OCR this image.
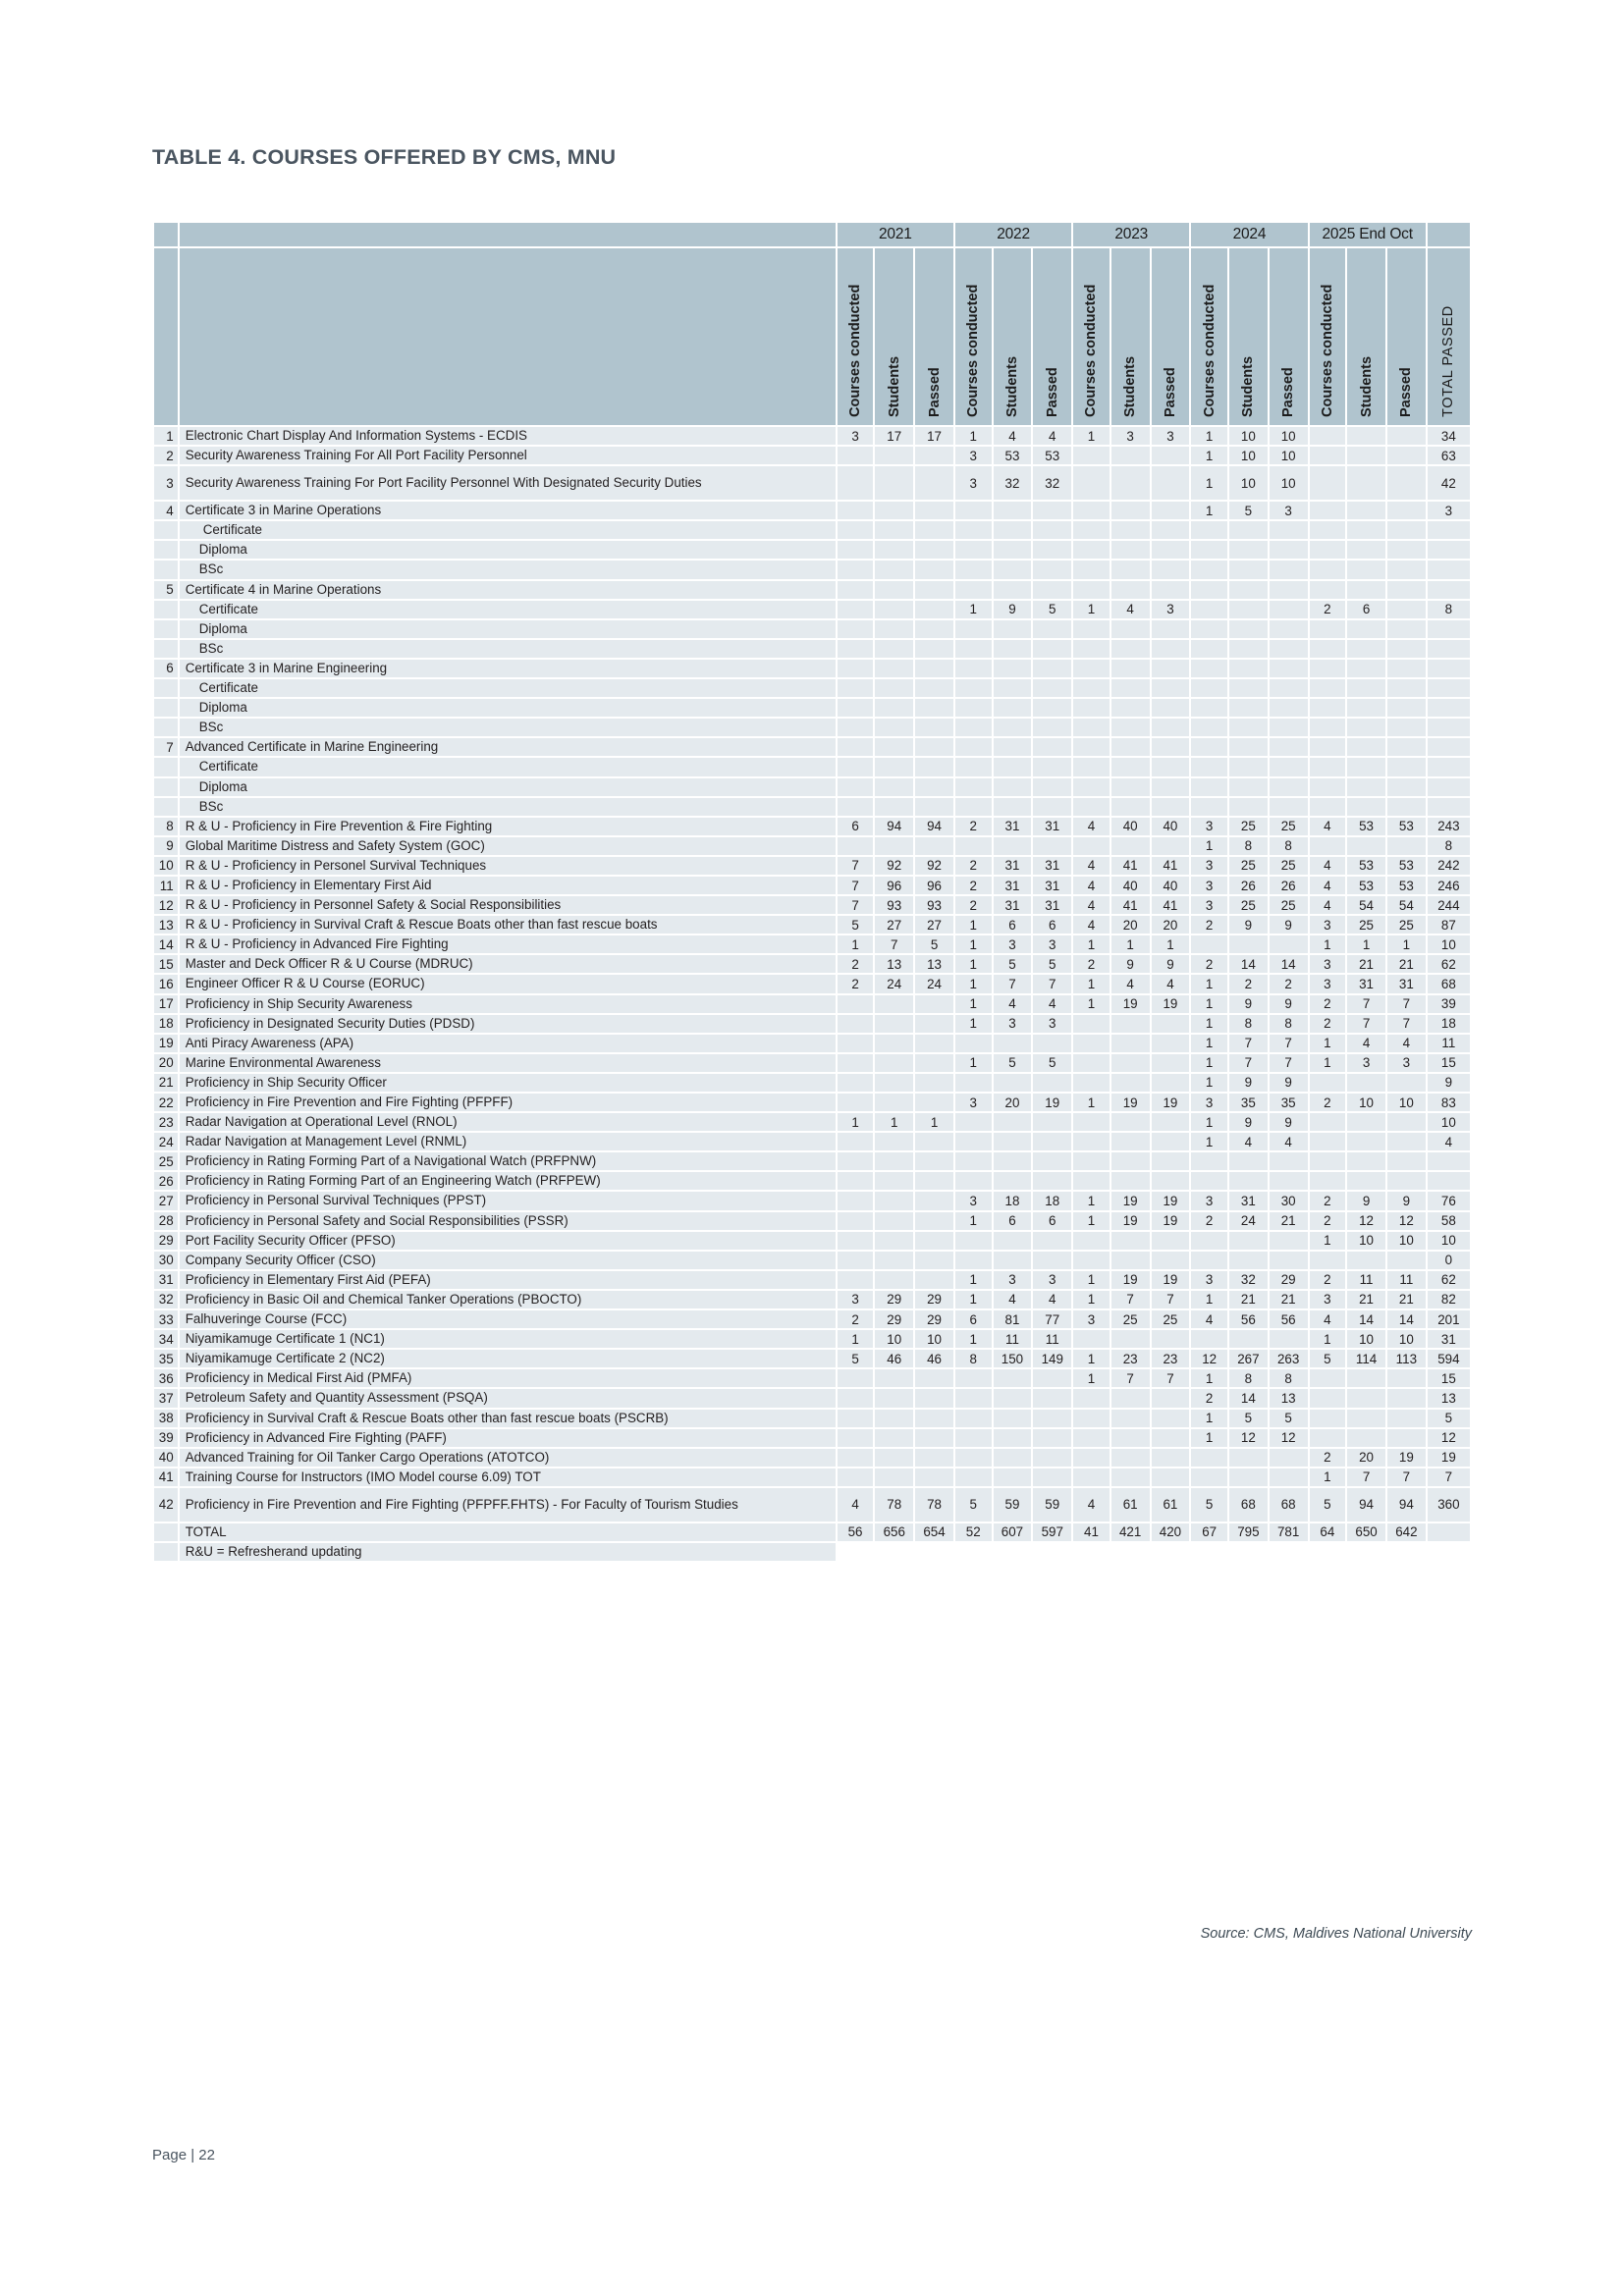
TABLE 4. COURSES OFFERED BY CMS, MNU
		2021			2022			2023			2024			2025 End Oct			

		Courses conducted	Students	Passed	Courses conducted	Students	Passed	Courses conducted	Students	Passed	Courses conducted	Students	Passed	Courses conducted	Students	Passed	TOTAL PASSED

1	Electronic Chart Display And Information Systems - ECDIS	3	17	17	1	4	4	1	3	3	1	10	10				34
2	Security Awareness Training For All Port Facility Personnel				3	53	53				1	10	10				63
3	Security Awareness Training For Port Facility Personnel With Designated Security Duties				3	32	32				1	10	10				42
4	Certificate 3 in Marine Operations										1	5	3				3
	Certificate																
	Diploma																
	BSc																
5	Certificate 4 in Marine Operations																
	Certificate				1	9	5	1	4	3				2	6		8
	Diploma																
	BSc																
6	Certificate 3 in Marine Engineering																
	Certificate																
	Diploma																
	BSc																
7	Advanced Certificate in Marine Engineering																
	Certificate																
	Diploma																
	BSc																
8	R & U - Proficiency in Fire Prevention & Fire Fighting	6	94	94	2	31	31	4	40	40	3	25	25	4	53	53	243
9	Global Maritime Distress and Safety System (GOC)										1	8	8				8
10	R & U - Proficiency in Personel Survival Techniques	7	92	92	2	31	31	4	41	41	3	25	25	4	53	53	242
11	R & U - Proficiency in Elementary First Aid	7	96	96	2	31	31	4	40	40	3	26	26	4	53	53	246
12	R & U - Proficiency in Personnel Safety & Social Responsibilities	7	93	93	2	31	31	4	41	41	3	25	25	4	54	54	244
13	R & U - Proficiency in Survival Craft & Rescue Boats other than fast rescue boats	5	27	27	1	6	6	4	20	20	2	9	9	3	25	25	87
14	R & U - Proficiency in Advanced Fire Fighting	1	7	5	1	3	3	1	1	1				1	1	1	10
15	Master and Deck Officer R & U Course (MDRUC)	2	13	13	1	5	5	2	9	9	2	14	14	3	21	21	62
16	Engineer Officer R & U Course (EORUC)	2	24	24	1	7	7	1	4	4	1	2	2	3	31	31	68
17	Proficiency in Ship Security Awareness				1	4	4	1	19	19	1	9	9	2	7	7	39
18	Proficiency in Designated Security Duties (PDSD)				1	3	3				1	8	8	2	7	7	18
19	Anti Piracy Awareness (APA)										1	7	7	1	4	4	11
20	Marine Environmental Awareness				1	5	5				1	7	7	1	3	3	15
21	Proficiency in Ship Security Officer										1	9	9				9
22	Proficiency in Fire Prevention and Fire Fighting (PFPFF)				3	20	19	1	19	19	3	35	35	2	10	10	83
23	Radar Navigation at Operational Level (RNOL)	1	1	1							1	9	9				10
24	Radar Navigation at Management Level (RNML)										1	4	4				4
25	Proficiency in Rating Forming Part of a Navigational Watch (PRFPNW)																
26	Proficiency in Rating Forming Part of an Engineering Watch (PRFPEW)																
27	Proficiency in Personal Survival Techniques (PPST)				3	18	18	1	19	19	3	31	30	2	9	9	76
28	Proficiency in Personal Safety and Social Responsibilities (PSSR)				1	6	6	1	19	19	2	24	21	2	12	12	58
29	Port Facility Security Officer (PFSO)													1	10	10	10
30	Company Security Officer (CSO)																0
31	Proficiency in Elementary First Aid (PEFA)				1	3	3	1	19	19	3	32	29	2	11	11	62
32	Proficiency in Basic Oil and Chemical Tanker Operations (PBOCTO)	3	29	29	1	4	4	1	7	7	1	21	21	3	21	21	82
33	Falhuveringe Course (FCC)	2	29	29	6	81	77	3	25	25	4	56	56	4	14	14	201
34	Niyamikamuge Certificate 1 (NC1)	1	10	10	1	11	11							1	10	10	31
35	Niyamikamuge Certificate 2 (NC2)	5	46	46	8	150	149	1	23	23	12	267	263	5	114	113	594
36	Proficiency in Medical First Aid (PMFA)							1	7	7	1	8	8				15
37	Petroleum Safety and Quantity Assessment (PSQA)										2	14	13				13
38	Proficiency in Survival Craft & Rescue Boats other than fast rescue boats (PSCRB)										1	5	5				5
39	Proficiency in Advanced Fire Fighting (PAFF)										1	12	12				12
40	Advanced Training for Oil Tanker Cargo Operations (ATOTCO)													2	20	19	19
41	Training Course for Instructors (IMO Model course 6.09) TOT													1	7	7	7
42	Proficiency in Fire Prevention and Fire Fighting (PFPFF.FHTS) - For Faculty of Tourism Studies	4	78	78	5	59	59	4	61	61	5	68	68	5	94	94	360
	TOTAL	56	656	654	52	607	597	41	421	420	67	795	781	64	650	642	
	R&U = Refresherand updating																
Source: CMS, Maldives National University
Page | 22
